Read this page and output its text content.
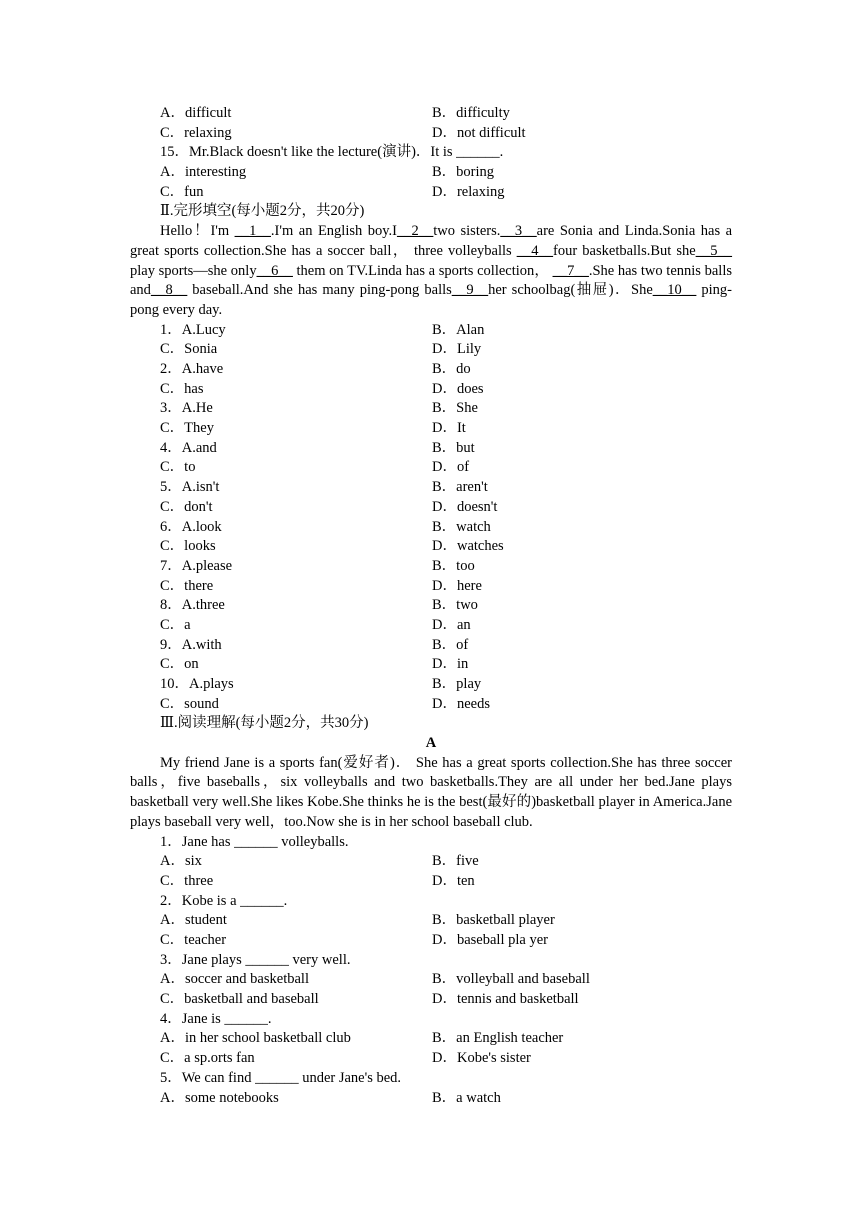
A．difficult	B．difficulty
C．relaxing	D．not difficult
15．Mr.Black doesn't like the lecture(演讲)．It is ______.
A．interesting	B．boring
C．fun	D．relaxing
Ⅱ.完形填空(每小题2分，共20分)
Hello！I'm __1__.I'm an English boy.I__2__two sisters.__3__are Sonia and Linda.Sonia has a great sports collection.She has a soccer ball， three volleyballs __4__four basketballs.But she__5__ play sports—she only__6__ them on TV.Linda has a sports collection， __7__.She has two tennis balls and__8__ baseball.And she has many ping-pong balls__9__her schoolbag(抽屉)．She__10__ ping-pong every day.
1．A.Lucy	B．Alan
C．Sonia	D．Lily
2．A.have	B．do
C．has	D．does
3．A.He	B．She
C．They	D．It
4．A.and	B．but
C．to	D．of
5．A.isn't	B．aren't
C．don't	D．doesn't
6．A.look	B．watch
C．looks	D．watches
7．A.please	B．too
C．there	D．here
8．A.three	B．two
C．a	D．an
9．A.with	B．of
C．on	D．in
10．A.plays	B．play
C．sound	D．needs
Ⅲ.阅读理解(每小题2分，共30分)
A
My friend Jane is a sports fan(爱好者)． She has a great sports collection.She has three soccer balls，five baseballs，six volleyballs and two basketballs.They are all under her bed.Jane plays basketball very well.She likes Kobe.She thinks he is the best(最好的)basketball player in America.Jane plays baseball very well，too.Now she is in her school baseball club.
1．Jane has ______ volleyballs.
A．six	B．five
C．three	D．ten
2．Kobe is a ______.
A．student	B．basketball player
C．teacher	D．baseball pla yer
3．Jane plays ______ very well.
A．soccer and basketball	B．volleyball and baseball
C．basketball and baseball	D．tennis and basketball
4．Jane is ______.
A．in her school basketball club	B．an English teacher
C．a sp.orts fan	D．Kobe's sister
5．We can find ______ under Jane's bed.
A．some notebooks	B．a watch
